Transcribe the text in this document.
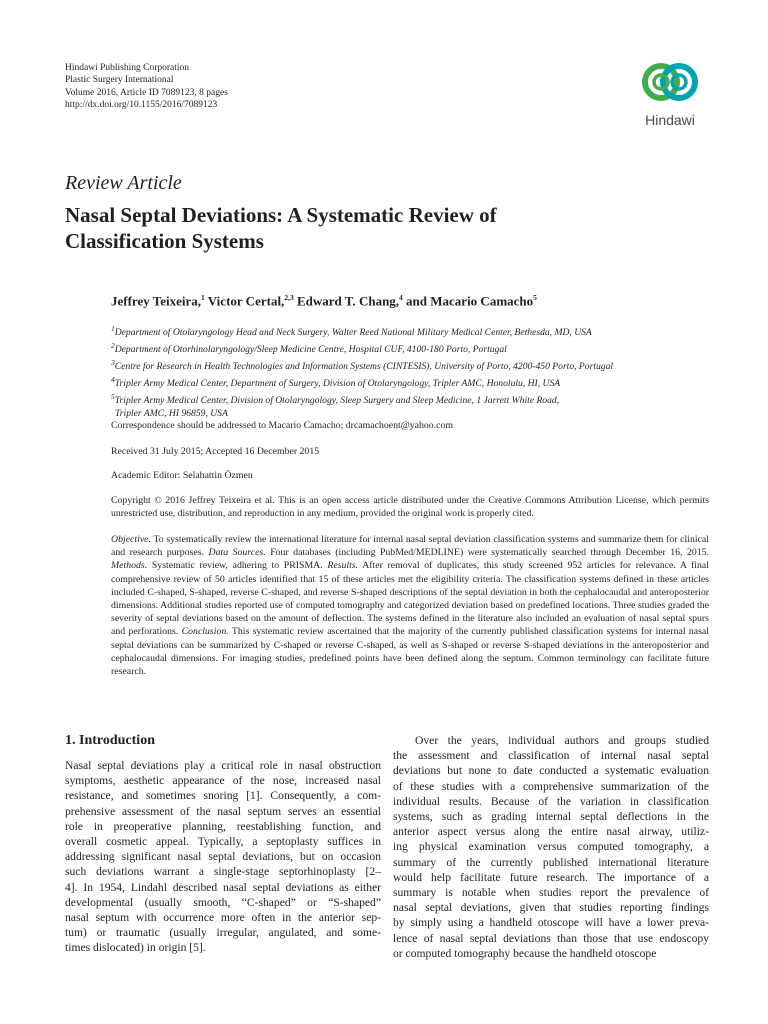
Hindawi Publishing Corporation
Plastic Surgery International
Volume 2016, Article ID 7089123, 8 pages
http://dx.doi.org/10.1155/2016/7089123
Hindawi
Review Article
Nasal Septal Deviations: A Systematic Review of
Classification Systems
Jeffrey Teixeira,$^1$ Victor Certal,$^{2,3}$ Edward T. Chang,$^4$ and Macario Camacho$^5$
$^1$Department of Otolaryngology Head and Neck Surgery, Walter Reed National Military Medical Center, Bethesda, MD, USA
$^2$Department of Otorhinolaryngology/Sleep Medicine Centre, Hospital CUF, 4100-180 Porto, Portugal
$^3$Centre for Research in Health Technologies and Information Systems (CINTESIS), University of Porto, 4200-450 Porto, Portugal
$^4$Tripler Army Medical Center, Department of Surgery, Division of Otolaryngology, Tripler AMC, Honolulu, HI, USA
$^5$Tripler Army Medical Center, Division of Otolaryngology, Sleep Surgery and Sleep Medicine, 1 Jarrett White Road,
Tripler AMC, HI 96859, USA
Correspondence should be addressed to Macario Camacho; drcamachoent@yahoo.com
Received 31 July 2015; Accepted 16 December 2015
Academic Editor: Selahattin Özmen
Copyright © 2016 Jeffrey Teixeira et al. This is an open access article distributed under the Creative Commons Attribution License, which permits unrestricted use, distribution, and reproduction in any medium, provided the original work is properly cited.
Objective. To systematically review the international literature for internal nasal septal deviation classification systems and summarize them for clinical and research purposes. Data Sources. Four databases (including PubMed/MEDLINE) were systematically searched through December 16, 2015. Methods. Systematic review, adhering to PRISMA. Results. After removal of duplicates, this study screened 952 articles for relevance. A final comprehensive review of 50 articles identified that 15 of these articles met the eligibility criteria. The classification systems defined in these articles included C-shaped, S-shaped, reverse C-shaped, and reverse S-shaped descriptions of the septal deviation in both the cephalocaudal and anteroposterior dimensions. Additional studies reported use of computed tomography and categorized deviation based on predefined locations. Three studies graded the severity of septal deviations based on the amount of deflection. The systems defined in the literature also included an evaluation of nasal septal spurs and perforations. Conclusion. This systematic review ascertained that the majority of the currently published classification systems for internal nasal septal deviations can be summarized by C-shaped or reverse C-shaped, as well as S-shaped or reverse S-shaped deviations in the anteroposterior and cephalocaudal dimensions. For imaging studies, predefined points have been defined along the septum. Common terminology can facilitate future research.
1. Introduction
Nasal septal deviations play a critical role in nasal obstruction
symptoms, aesthetic appearance of the nose, increased nasal
resistance, and sometimes snoring [1]. Consequently, a com-
prehensive assessment of the nasal septum serves an essential
role in preoperative planning, reestablishing function, and
overall cosmetic appeal. Typically, a septoplasty suffices in
addressing significant nasal septal deviations, but on occasion
such deviations warrant a single-stage septorhinoplasty [2–
4]. In 1954, Lindahl described nasal septal deviations as either
developmental (usually smooth, “C-shaped” or “S-shaped”
nasal septum with occurrence more often in the anterior sep-
tum) or traumatic (usually irregular, angulated, and some-
times dislocated) in origin [5].
Over the years, individual authors and groups studied
the assessment and classification of internal nasal septal
deviations but none to date conducted a systematic evaluation
of these studies with a comprehensive summarization of the
individual results. Because of the variation in classification
systems, such as grading internal septal deflections in the
anterior aspect versus along the entire nasal airway, utiliz-
ing physical examination versus computed tomography, a
summary of the currently published international literature
would help facilitate future research. The importance of a
summary is notable when studies report the prevalence of
nasal septal deviations, given that studies reporting findings
by simply using a handheld otoscope will have a lower preva-
lence of nasal septal deviations than those that use endoscopy
or computed tomography because the handheld otoscope
